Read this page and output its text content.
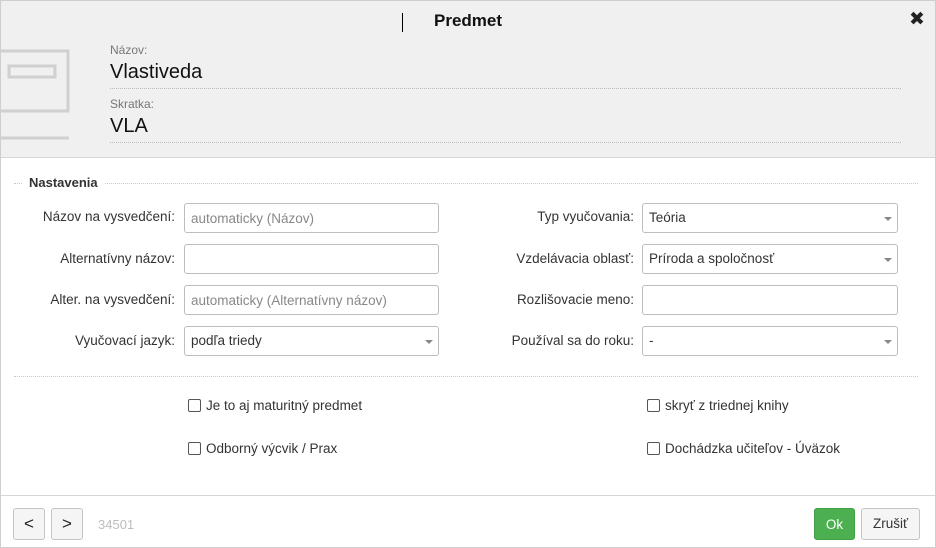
Predmet	✖
Názov:
Vlastiveda
Skratka:
VLA
Nastavenia
Názov na vysvedčení:
automaticky (Názov)
Alternatívny názov:
Alter. na vysvedčení:
automaticky (Alternatívny názov)
Vyučovací jazyk:	podľa triedy
Typ vyučovania:	Teória
Vzdelávacia oblasť:	Príroda a spoločnosť
Rozlišovacie meno:
Používal sa do roku:	-
Je to aj maturitný predmet
Odborný výcvik / Prax
skryť z triednej knihy
Dochádzka učiteľov - Úväzok
<	>	34501	Ok	Zrušiť
